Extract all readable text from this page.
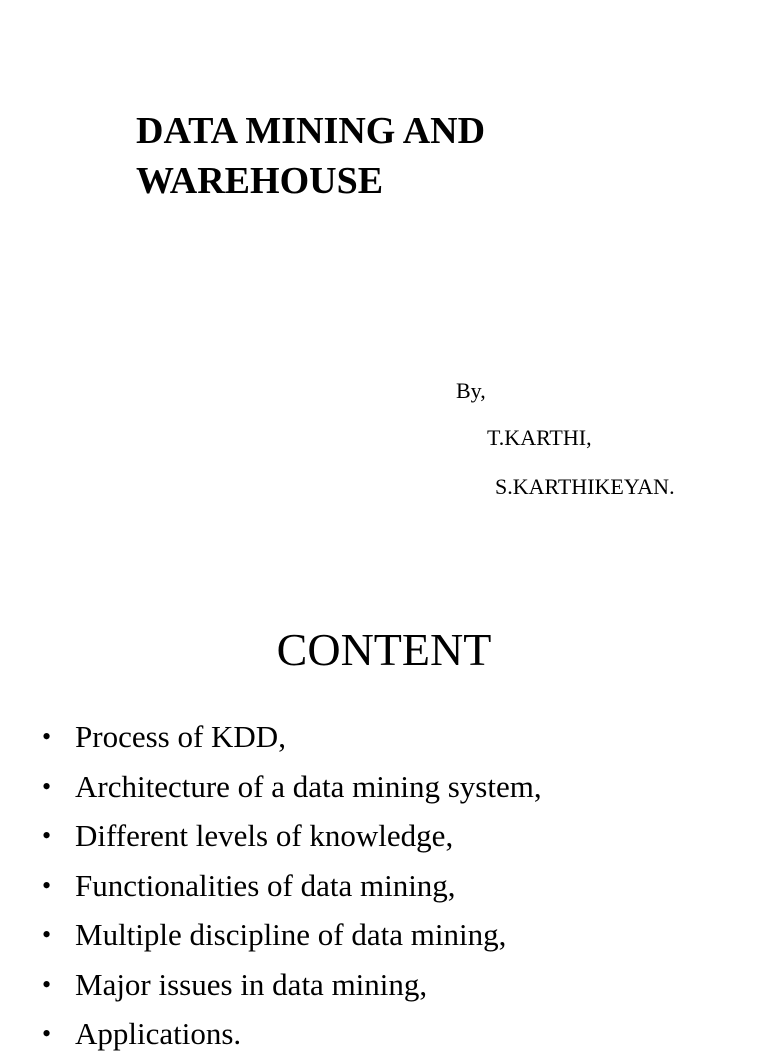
DATA MINING AND
WAREHOUSE

By,

T.KARTHI,

S.KARTHIKEYAN.

CONTENT
• Process of KDD,
• Architecture of a data mining system,
• Different levels of knowledge,
• Functionalities of data mining,
• Multiple discipline of data mining,
• Major issues in data mining,
• Applications.
